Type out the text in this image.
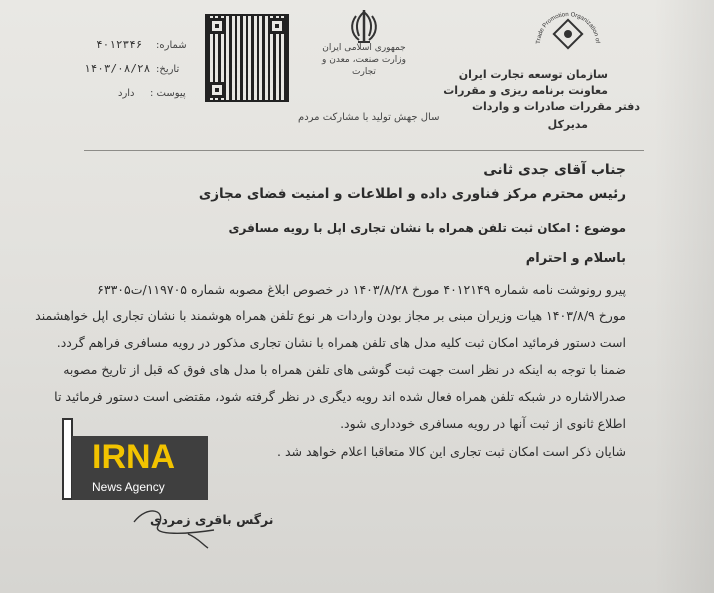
شماره:
۴۰۱۲۳۴۶
تاریخ:
۱۴۰۳/۰۸/۲۸
پیوست :
دارد
جمهوری اسلامی ایران
وزارت صنعت، معدن و تجارت
سال جهش تولید با مشارکت مردم
Trade Promotion Organization of
سازمان توسعه تجارت ایران
معاونت برنامه ریزی و مقررات
دفتر مقررات صادرات و واردات
مدیرکل
جناب آقای جدی ثانی
رئیس محترم مرکز فناوری داده و اطلاعات و امنیت فضای مجازی
موضوع : امکان ثبت تلفن همراه با نشان تجاری اپل با رویه مسافری
باسلام و احترام
پیرو رونوشت نامه شماره ۴۰۱۲۱۴۹ مورخ ۱۴۰۳/۸/۲۸ در خصوص ابلاغ مصوبه شماره ۱۱۹۷۰۵/ت۶۳۳۰۵
مورخ ۱۴۰۳/۸/۹ هیات وزیران مبنی بر مجاز بودن واردات هر نوع تلفن همراه هوشمند با نشان تجاری اپل خواهشمند
است دستور فرمائید امکان ثبت کلیه مدل های تلفن همراه با نشان تجاری مذکور در رویه مسافری فراهم گردد.
ضمنا با توجه به اینکه در نظر است جهت ثبت گوشی های تلفن همراه با مدل های فوق که قبل از تاریخ مصوبه
صدرالاشاره در شبکه تلفن همراه فعال شده اند رویه دیگری در نظر گرفته شود، مقتضی است دستور فرمائید تا
اطلاع ثانوی از ثبت آنها در رویه مسافری خودداری شود.
شایان ذکر است امکان ثبت تجاری این کالا متعاقبا اعلام خواهد شد .
نرگس باقری زمردی
IRNA
News Agency
